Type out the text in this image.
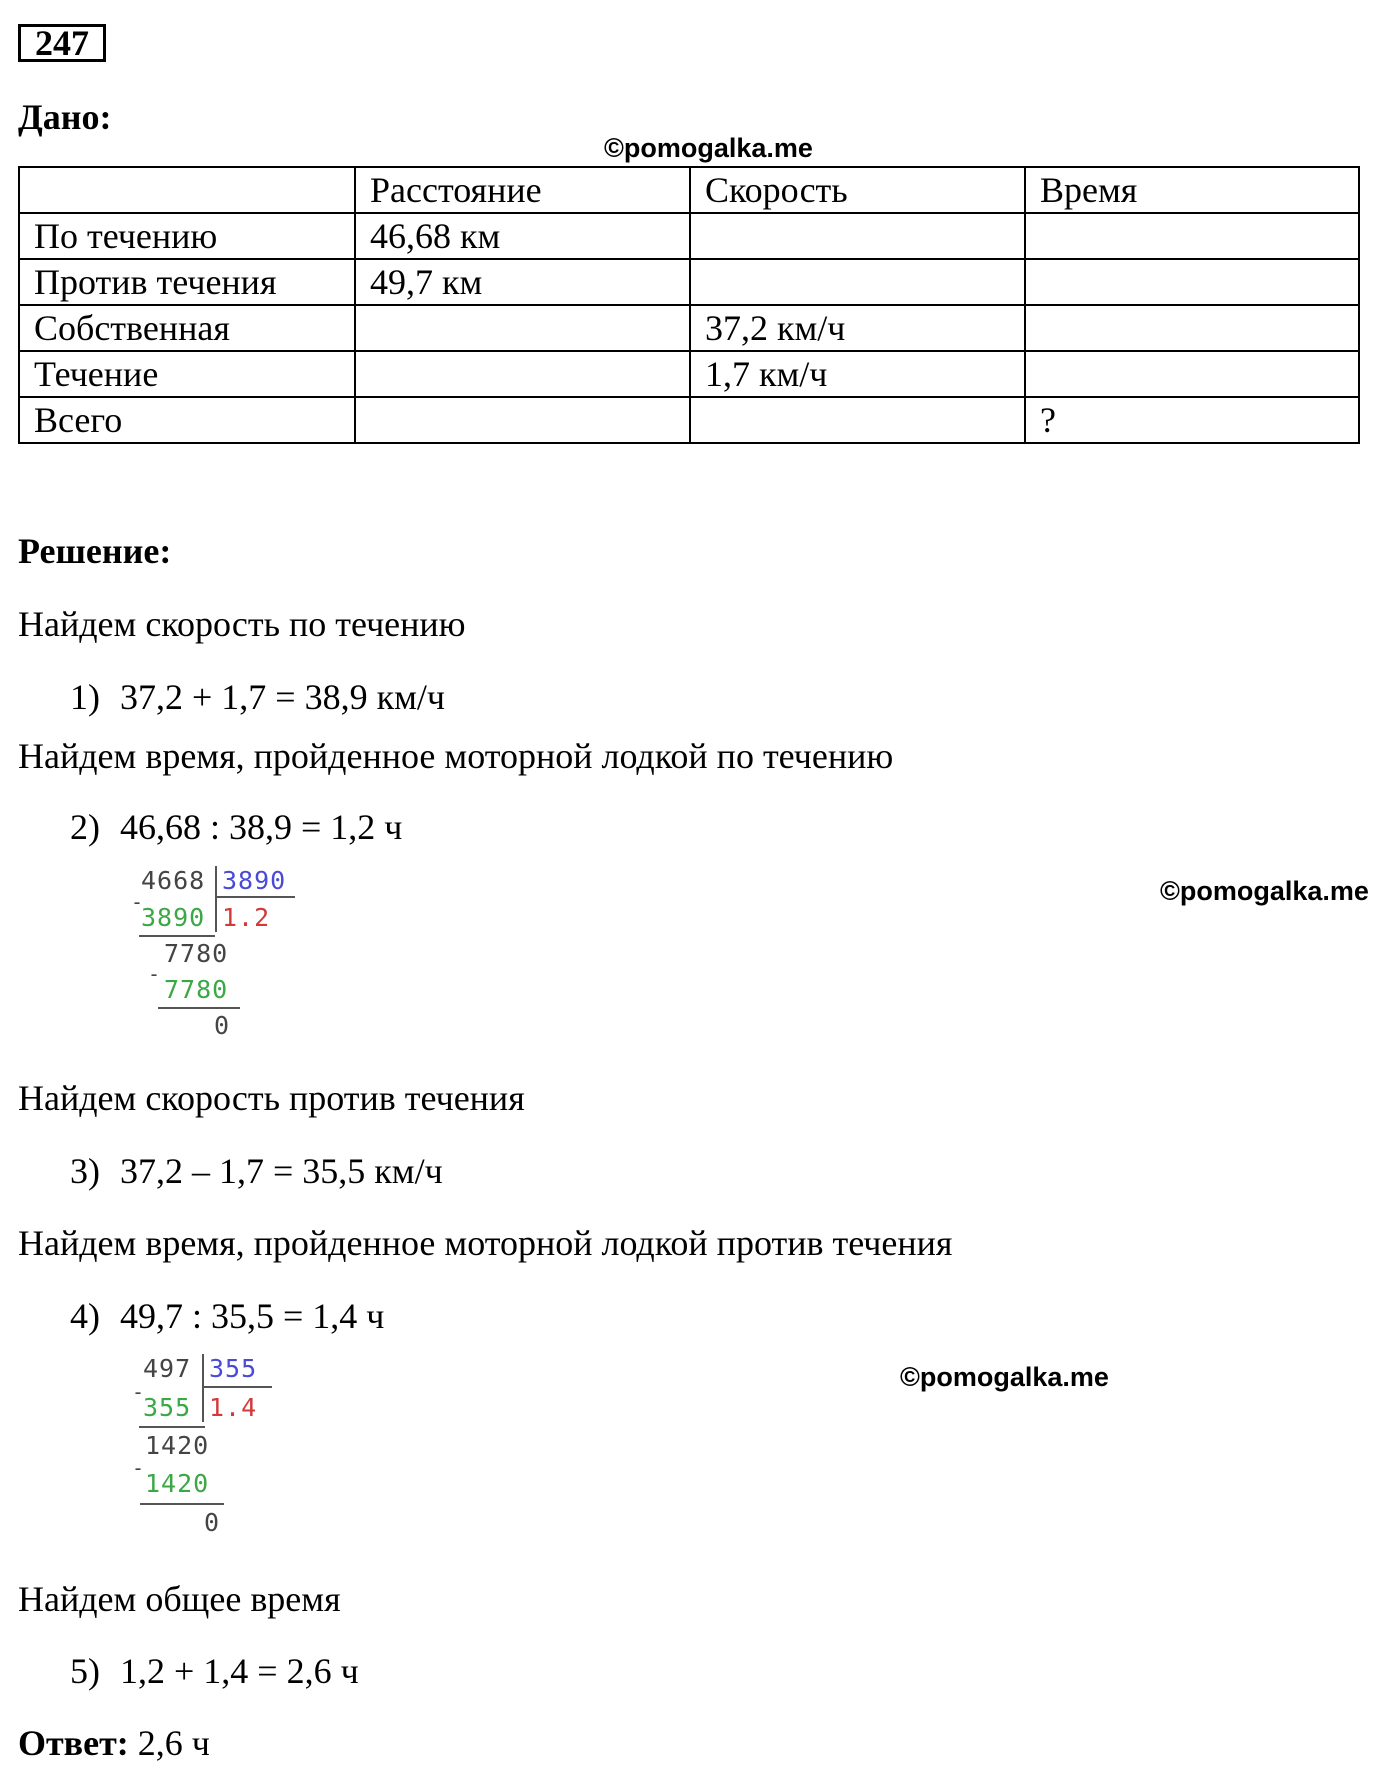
247
Дано:
©pomogalka.me
	Расстояние	Скорость	Время
По течению	46,68 км		
Против течения	49,7 км		
Собственная		37,2 км/ч	
Течение		1,7 км/ч	
Всего			?
Решение:
Найдем скорость по течению
1) 37,2 + 1,7 = 38,9 км/ч
Найдем время, пройденное моторной лодкой по течению
2) 46,68 : 38,9 = 1,2 ч
4668 3890
-
3890 1.2
7780
-
7780
0
©pomogalka.me
Найдем скорость против течения
3) 37,2 – 1,7 = 35,5 км/ч
Найдем время, пройденное моторной лодкой против течения
4) 49,7 : 35,5 = 1,4 ч
497 355
-
355 1.4
1420
-
1420
0
©pomogalka.me
Найдем общее время
5) 1,2 + 1,4 = 2,6 ч
Ответ: 2,6 ч
